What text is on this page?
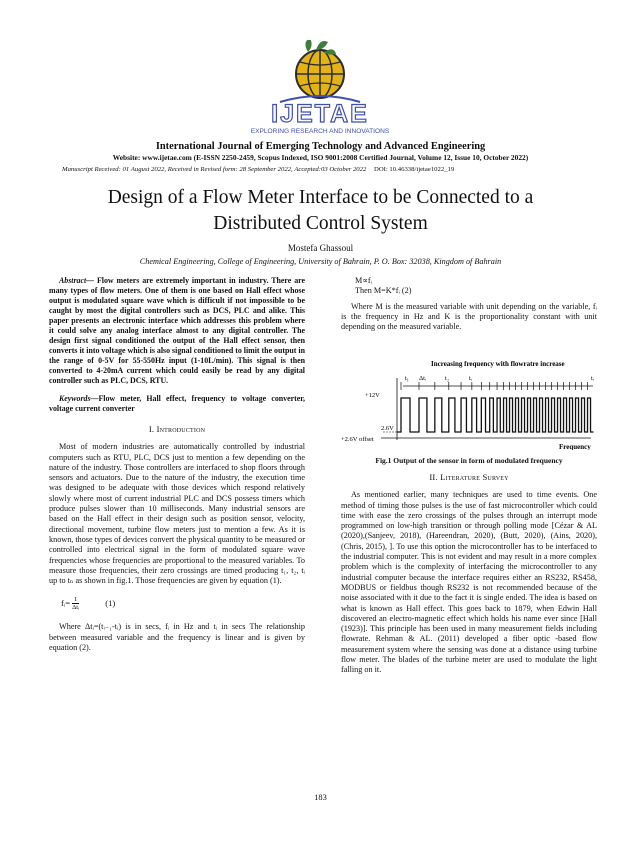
IJETAE
EXPLORING RESEARCH AND INNOVATIONS
International Journal of Emerging Technology and Advanced Engineering
Website: www.ijetae.com (E-ISSN 2250-2459, Scopus Indexed, ISO 9001:2008 Certified Journal, Volume 12, Issue 10, October 2022)
Manuscript Received: 01 August 2022, Received in Revised form: 28 September 2022, Accepted:03 October 2022 DOI: 10.46338/ijetae1022_19
Design of a Flow Meter Interface to be Connected to a
Distributed Control System
Mostefa Ghassoul
Chemical Engineering, College of Engineering, University of Bahrain, P. O. Box: 32038, Kingdom of Bahrain

Abstract— Flow meters are extremely important in industry. There are many types of flow meters. One of them is one based on Hall effect whose output is modulated square wave which is difficult if not impossible to be caught by most the digital controllers such as DCS, PLC and alike. This paper presents an electronic interface which addresses this problem where it could solve any analog interface almost to any digital controller. The design first signal conditioned the output of the Hall effect sensor, then converts it into voltage which is also signal conditioned to limit the output in the range of 0-5V for 55-550Hz input (1-10L/min). This signal is then converted to 4-20mA current which could easily be read by any digital controller such as PLC, DCS, RTU.

Keywords—Flow meter, Hall effect, frequency to voltage converter, voltage current converter

I. Introduction

Most of modern industries are automatically controlled by industrial computers such as RTU, PLC, DCS just to mention a few depending on the nature of the industry. Those controllers are interfaced to shop floors through sensors and actuators. Due to the nature of the industry, the execution time was designed to be adequate with those devices which respond relatively slowly where most of current industrial PLC and DCS possess timers which produce pulses slower than 10 milliseconds. Many industrial sensors are based on the Hall effect in their design such as position sensor, velocity, directional movement, turbine flow meters just to mention a few. As it is known, those types of devices convert the physical quantity to be measured or controlled into electrical signal in the form of modulated square wave frequencies whose frequencies are proportional to the measured variables. To measure those frequencies, their zero crossings are timed producing t₁, t₂, tᵢ up to tₙ as shown in fig.1. Those frequencies are given by equation (1).

fᵢ= 1
Δtᵢ	(1)

Where Δtᵢ=(tᵢ₋₁-tᵢ) is in secs, fᵢ in Hz and tᵢ in secs The relationship between measured variable and the frequency is linear and is given by equation (2).

M∝fᵢ
Then M=K*fᵢ (2)

Where M is the measured variable with unit depending on the variable, fᵢ is the frequency in Hz and K is the proportionality constant with unit depending on the measured variable.

Increasing frequency with flowratre increase
t₁ Δtᵢ	t₂	tᵢ	tᵢ
+12V
2.6V
+2.6V offset
Frequency
Fig.1 Output of the sensor in form of modulated frequency
II. Literature Survey

As mentioned earlier, many techniques are used to time events. One method of timing those pulses is the use of fast microcontroller which could time with ease the zero crossings of the pulses through an interrupt mode programmed on low-high transition or through polling mode [Cézar & AL (2020),(Sanjeev, 2018), (Hareendran, 2020), (Butt, 2020), (Ains, 2020), (Chris, 2015), ]. To use this option the microcontroller has to be interfaced to the industrial computer. This is not evident and may result in a more complex problem which is the complexity of interfacing the microcontroller to any industrial computer because the interface requires either an RS232, RS458, MODBUS or fieldbus though RS232 is not recommended because of the noise associated with it due to the fact it is single ended. The idea is based on what is known as Hall effect. This goes back to 1879, when Edwin Hall discovered an electro-magnetic effect which holds his name ever since [Hall (1923)]. This principle has been used in many measurement fields including flowrate. Rehman & AL. (2011) developed a fiber optic -based flow measurement system where the sensing was done at a distance using turbine flow meter. The blades of the turbine meter are used to modulate the light falling on it.

183
